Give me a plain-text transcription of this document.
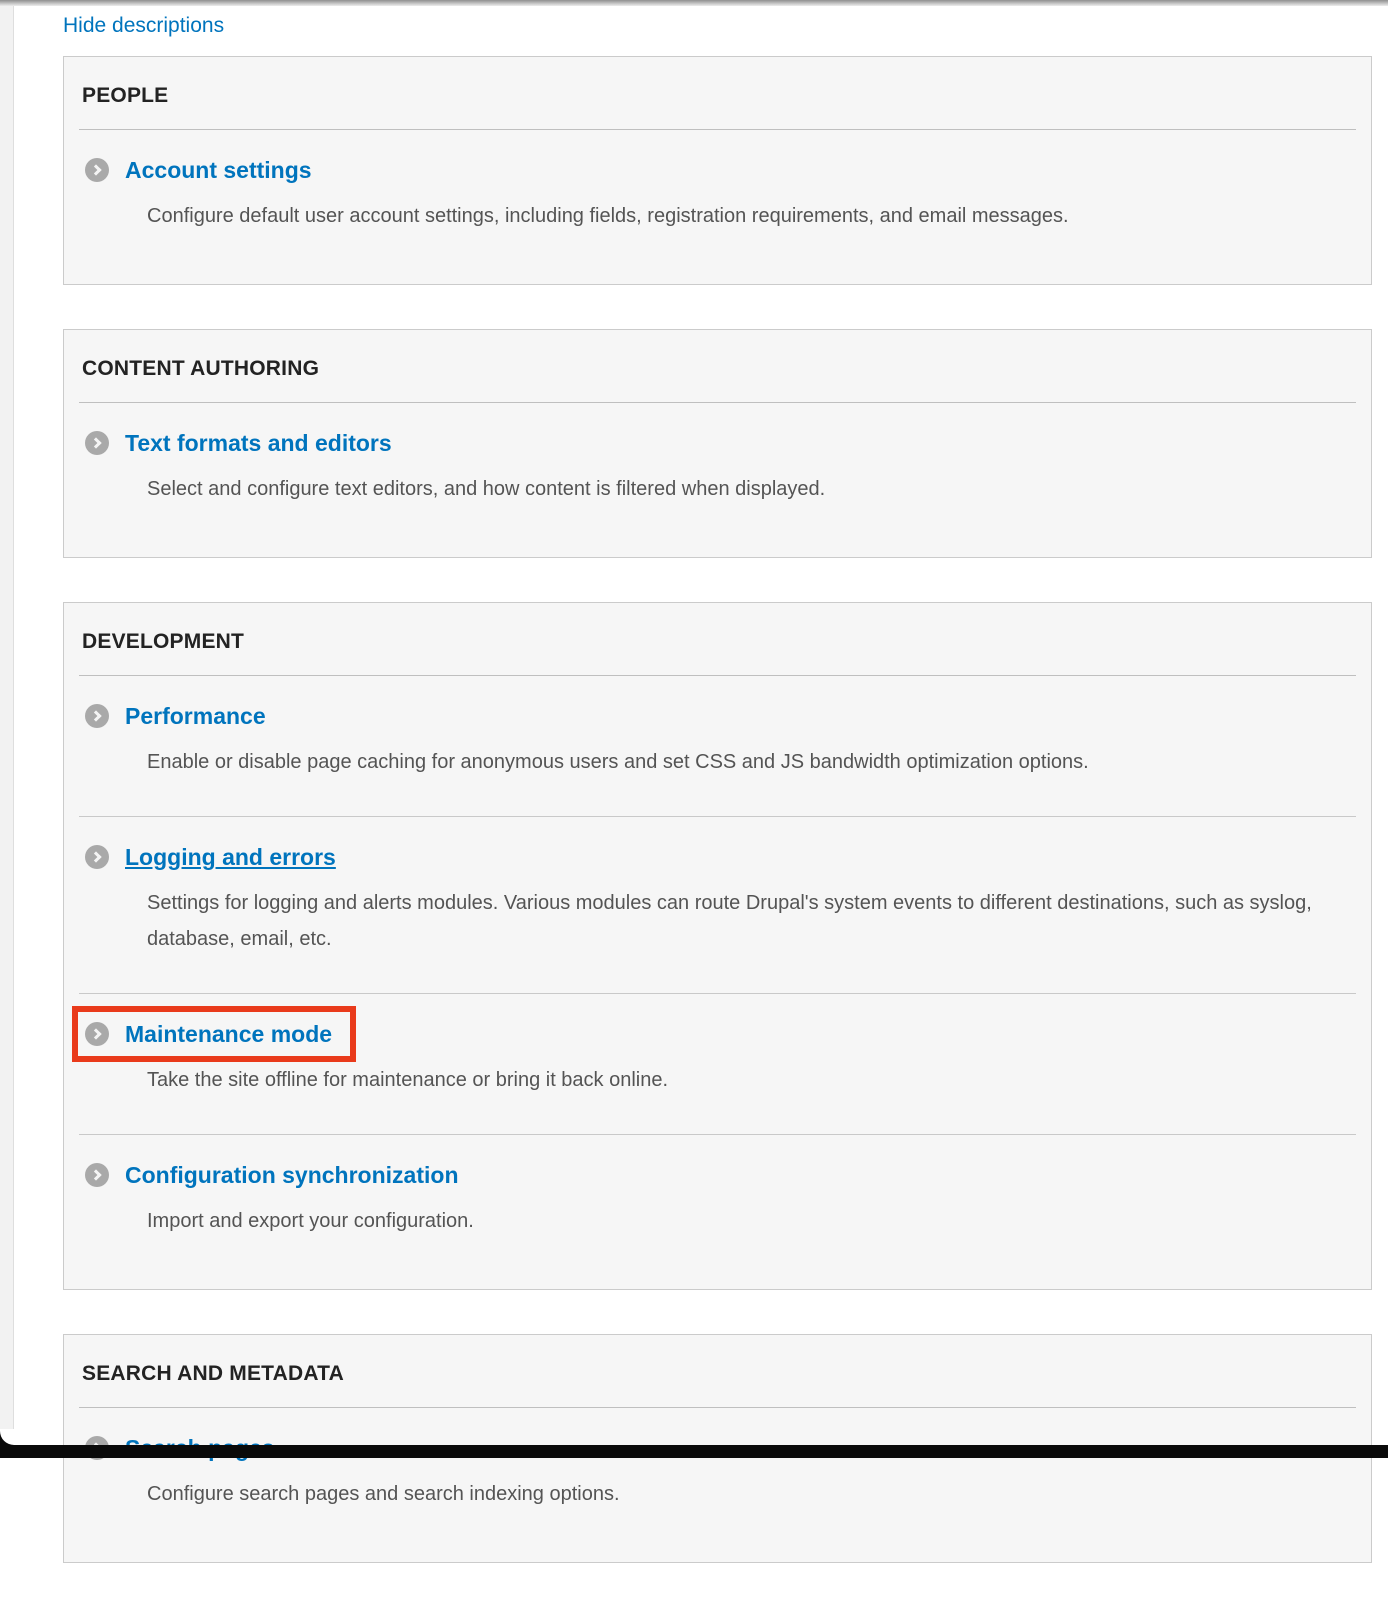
Hide descriptions
PEOPLE
Account settings

Configure default user account settings, including fields, registration requirements, and email messages.

CONTENT AUTHORING
Text formats and editors

Select and configure text editors, and how content is filtered when displayed.

DEVELOPMENT
Performance

Enable or disable page caching for anonymous users and set CSS and JS bandwidth optimization options.

Logging and errors

Settings for logging and alerts modules. Various modules can route Drupal's system events to different destinations, such as syslog, database, email, etc.

Maintenance mode

Take the site offline for maintenance or bring it back online.

Configuration synchronization

Import and export your configuration.

SEARCH AND METADATA

Configure search pages and search indexing options.
